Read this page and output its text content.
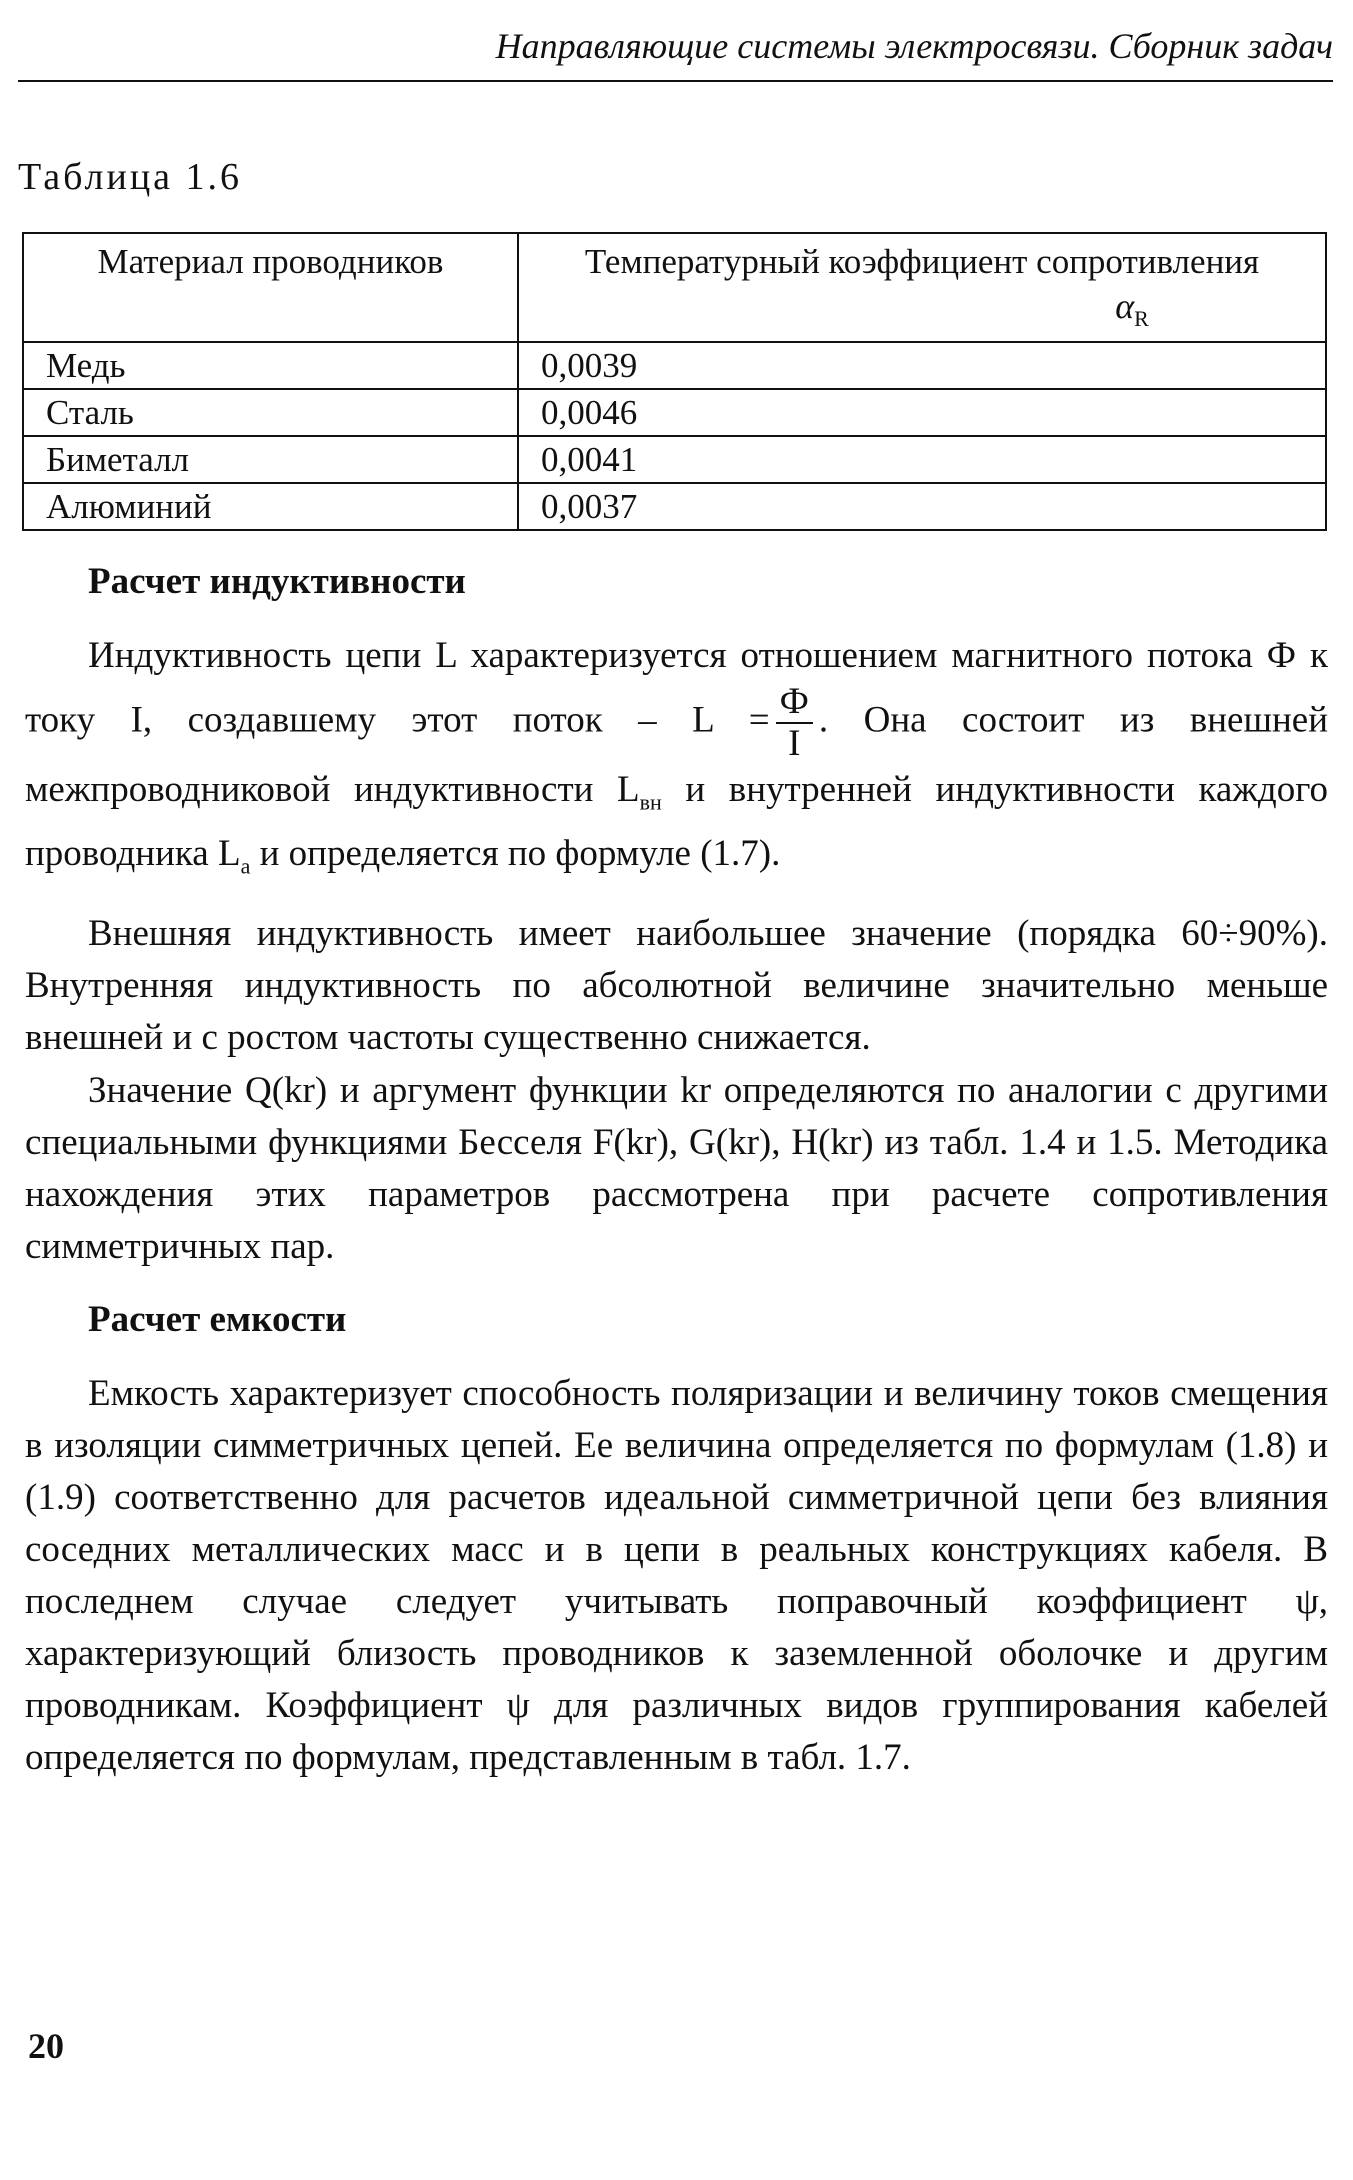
Направляющие системы электросвязи. Сборник задач
Таблица 1.6
Материал проводников	Температурный коэффициент сопротивления
$\alpha_R$

Медь	0,0039
Сталь	0,0046
Биметалл	0,0041
Алюминий	0,0037
Расчет индуктивности
Индуктивность цепи L характеризуется отношением магнитного потока Ф к току I, создавшему этот поток – $L = \frac{Ф}{I}$ . Она состоит из внешней межпроводниковой индуктивности $L_{вн}$ и внутренней индуктивности каждого проводника $L_а$ и определяется по формуле (1.7).
Внешняя индуктивность имеет наибольшее значение (порядка 60÷90%). Внутренняя индуктивность по абсолютной величине значительно меньше внешней и с ростом частоты существенно снижается.
Значение Q(kr) и аргумент функции kr определяются по аналогии с другими специальными функциями Бесселя F(kr), G(kr), H(kr) из табл. 1.4 и 1.5. Методика нахождения этих параметров рассмотрена при расчете сопротивления симметричных пар.
Расчет емкости
Емкость характеризует способность поляризации и величину токов смещения в изоляции симметричных цепей. Ее величина определяется по формулам (1.8) и (1.9) соответственно для расчетов идеальной симметричной цепи без влияния соседних металлических масс и в цепи в реальных конструкциях кабеля. В последнем случае следует учитывать поправочный коэффициент ψ, характеризующий близость проводников к заземленной оболочке и другим проводникам. Коэффициент ψ для различных видов группирования кабелей определяется по формулам, представленным в табл. 1.7.
20
